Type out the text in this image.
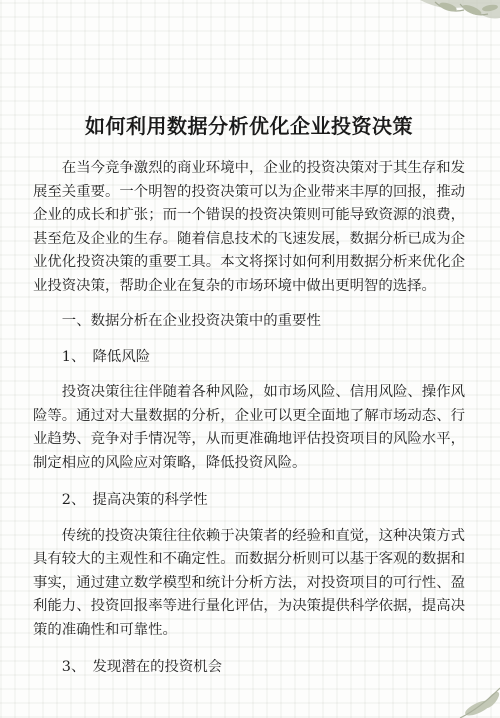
如何利用数据分析优化企业投资决策

在当今竞争激烈的商业环境中，企业的投资决策对于其生存和发展至关重要。一个明智的投资决策可以为企业带来丰厚的回报，推动企业的成长和扩张；而一个错误的投资决策则可能导致资源的浪费，甚至危及企业的生存。随着信息技术的飞速发展，数据分析已成为企业优化投资决策的重要工具。本文将探讨如何利用数据分析来优化企业投资决策，帮助企业在复杂的市场环境中做出更明智的选择。

一、数据分析在企业投资决策中的重要性

1、　降低风险

投资决策往往伴随着各种风险，如市场风险、信用风险、操作风险等。通过对大量数据的分析，企业可以更全面地了解市场动态、行业趋势、竞争对手情况等，从而更准确地评估投资项目的风险水平，制定相应的风险应对策略，降低投资风险。

2、　提高决策的科学性

传统的投资决策往往依赖于决策者的经验和直觉，这种决策方式具有较大的主观性和不确定性。而数据分析则可以基于客观的数据和事实，通过建立数学模型和统计分析方法，对投资项目的可行性、盈利能力、投资回报率等进行量化评估，为决策提供科学依据，提高决策的准确性和可靠性。

3、　发现潜在的投资机会
